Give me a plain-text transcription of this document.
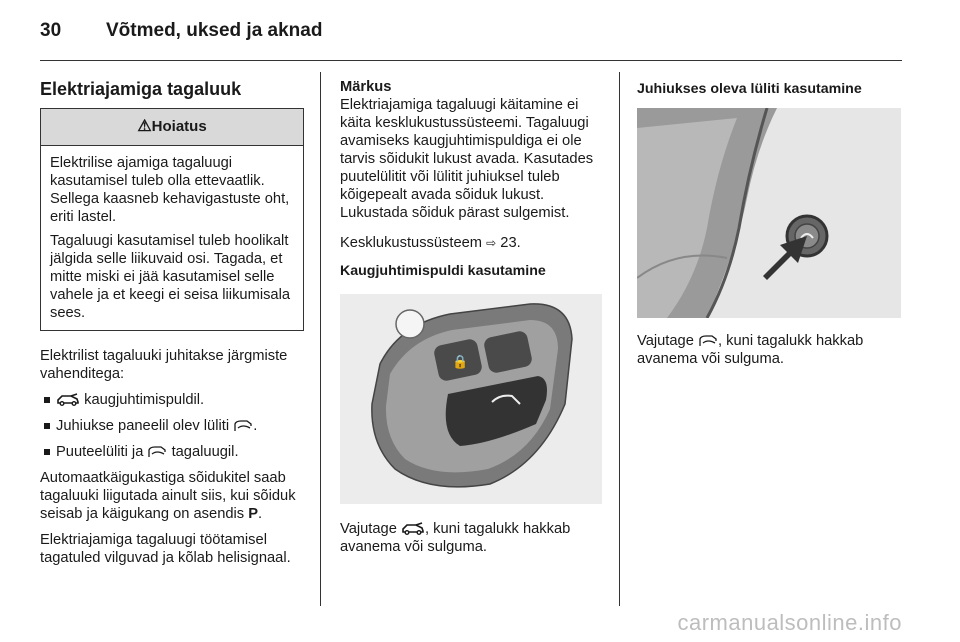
30 Võtmed, uksed ja aknad
Elektriajamiga tagaluuk
⚠Hoiatus

Elektrilise ajamiga tagaluugi kasutamisel tuleb olla ettevaatlik. Sellega kaasneb kehavigastuste oht, eriti lastel.

Tagaluugi kasutamisel tuleb hoolikalt jälgida selle liikuvaid osi. Tagada, et mitte miski ei jää kasutamisel selle vahele ja et keegi ei seisa liikumisala sees.

Elektrilist tagaluuki juhitakse järgmiste vahenditega:

kaugjuhtimispuldil.
Juhiukse paneelil olev lüliti .
Puuteelüliti ja tagaluugil.

Automaatkäigukastiga sõidukitel saab tagaluuki liigutada ainult siis, kui sõiduk seisab ja käigukang on asendis P.

Elektriajamiga tagaluugi töötamisel tagatuled vilguvad ja kõlab helisignaal.

Märkus

Elektriajamiga tagaluugi käitamine ei käita kesklukustussüsteemi. Tagaluugi avamiseks kaugjuhtimispuldiga ei ole tarvis sõidukit lukust avada. Kasutades puutelülitit või lülitit juhiuksel tuleb kõigepealt avada sõiduk lukust. Lukustada sõiduk pärast sulgemist.

Kesklukustussüsteem ⇨ 23.

Kaugjuhtimispuldi kasutamine
🔒

Vajutage , kuni tagalukk hakkab avanema või sulguma.

Juhiukses oleva lüliti kasutamine

Vajutage , kuni tagalukk hakkab avanema või sulguma.

carmanualsonline.info
